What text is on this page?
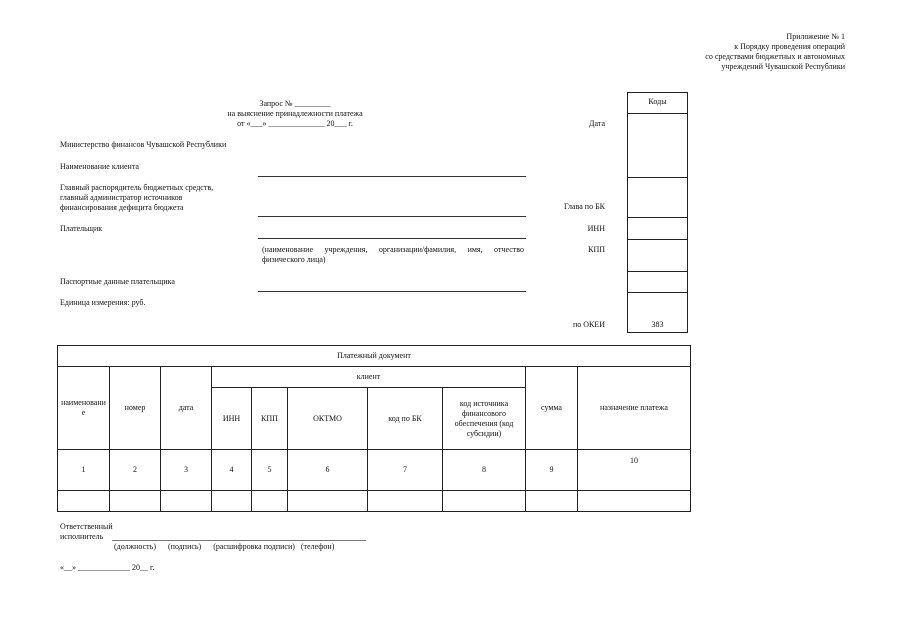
Приложение № 1
к Порядку проведения операций
со средствами бюджетных и автономных
учреждений Чувашской Республики
Запрос № _________
на выяснение принадлежности платежа
от «___» ______________ 20___ г.
Министерство финансов Чувашской Республики
Наименование клиента
Главный распорядитель бюджетных средств,
главный администратор источников
финансирования дефицита бюджета
Плательщик
(наименование учреждения, организации/фамилия, имя, отчество
физического лица)
Паспортные данные плательщика
Единица измерения: руб.
Дата
Глава по БК
ИНН
КПП
по ОКЕИ
Коды
383
Платежный документ									
наименование	номер	дата	клиент					сумма	назначение платежа
			ИНН	КПП	ОКТМО	код по БК	код источника финансового обеспечения (код субсидии)		
1	2	3	4	5	6	7	8	9	10

Ответственный
исполнитель
(должность) (подпись) (расшифровка подписи) (телефон)
«__» _____________ 20__ г.
